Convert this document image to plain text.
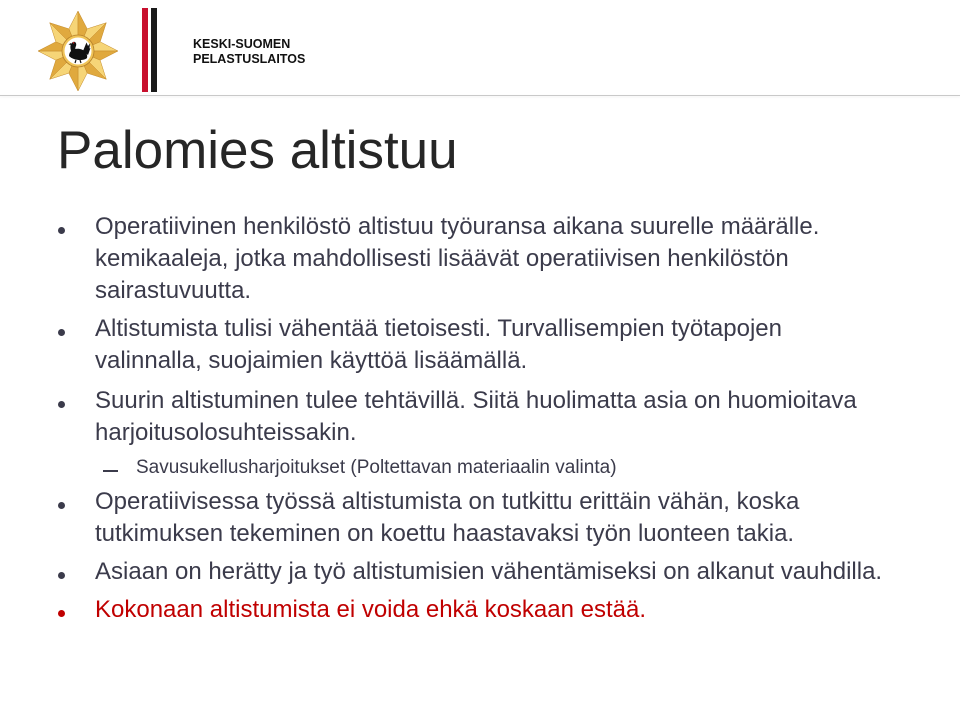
KESKI-SUOMEN
PELASTUSLAITOS
Palomies altistuu
Operatiivinen henkilöstö altistuu työuransa aikana suurelle määrälle.
kemikaaleja, jotka mahdollisesti lisäävät operatiivisen henkilöstön
sairastuvuutta.
Altistumista tulisi vähentää tietoisesti. Turvallisempien työtapojen
valinnalla, suojaimien käyttöä lisäämällä.
Suurin altistuminen tulee tehtävillä. Siitä huolimatta asia on huomioitava
harjoitusolosuhteissakin.
Savusukellusharjoitukset (Poltettavan materiaalin valinta)
Operatiivisessa työssä altistumista on tutkittu erittäin vähän, koska
tutkimuksen tekeminen on koettu haastavaksi työn luonteen takia.
Asiaan on herätty ja työ altistumisien vähentämiseksi on alkanut vauhdilla.
Kokonaan altistumista ei voida ehkä koskaan estää.
